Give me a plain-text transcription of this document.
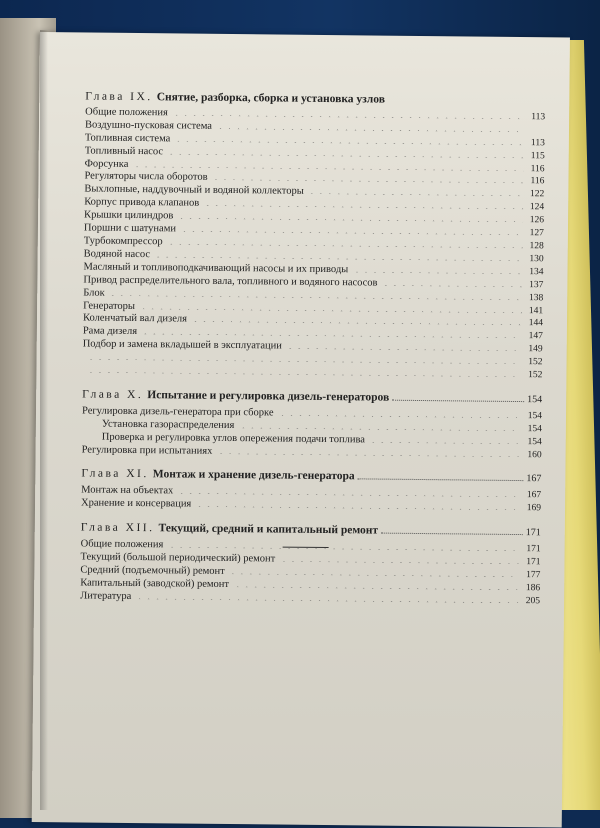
Глава IX. Снятие, разборка, сборка и установка узлов
Общие положения	113
Воздушно-пусковая система
Топливная система	113
Топливный насос	115
Форсунка	116
Регуляторы числа оборотов	116
Выхлопные, наддувочный и водяной коллекторы	122
Корпус привода клапанов	124
Крышки цилиндров	126
Поршни с шатунами	127
Турбокомпрессор	128
Водяной насос	130
Масляный и топливоподкачивающий насосы и их приводы	134
Привод распределительного вала, топливного и водяного насосов	137
Блок	138
Генераторы	141
Коленчатый вал дизеля	144
Рама дизеля	147
Подбор и замена вкладышей в эксплуатации	149
152
152
Глава X. Испытание и регулировка дизель-генераторов	154
Регулировка дизель-генератора при сборке	154
Установка газораспределения	154
Проверка и регулировка углов опережения подачи топлива	154
Регулировка при испытаниях	160
Глава XI. Монтаж и хранение дизель-генератора	167
Монтаж на объектах	167
Хранение и консервация	169
Глава XII. Текущий, средний и капитальный ремонт	171
Общие положения	171
Текущий (большой периодический) ремонт	171
Средний (подъемочный) ремонт	177
Капитальный (заводской) ремонт	186
Литература	205
